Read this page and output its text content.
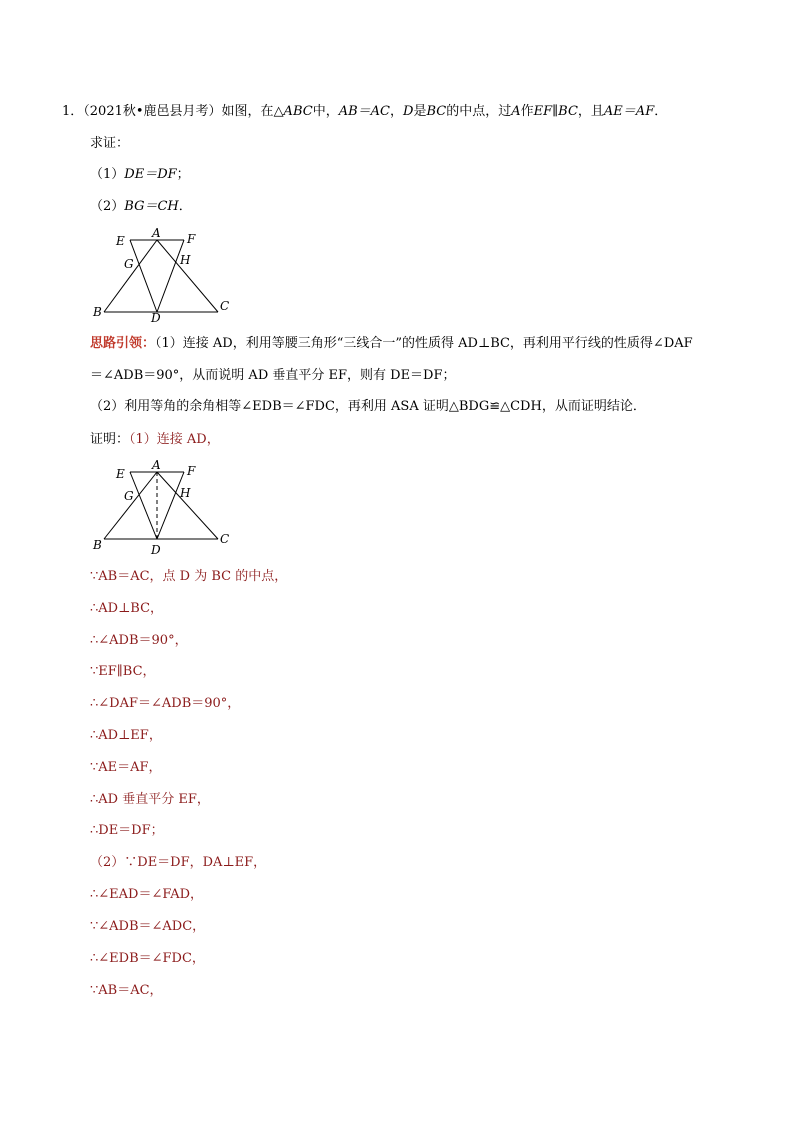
1．（2021秋•鹿邑县月考）如图，在△ABC中，AB＝AC，D是BC的中点，过A作EF∥BC，且AE＝AF．
求证：
（1）DE＝DF；
（2）BG＝CH．
E
A F
G	H
B	D
C
思路引领：（1）连接 AD，利用等腰三角形“三线合一”的性质得 AD⊥BC，再利用平行线的性质得∠DAF
＝∠ADB＝90°，从而说明 AD 垂直平分 EF，则有 DE＝DF；
（2）利用等角的余角相等∠EDB＝∠FDC，再利用 ASA 证明△BDG≌△CDH，从而证明结论．
证明：（1）连接 AD，
E
A F
G	H
B	D
C
∵AB＝AC，点 D 为 BC 的中点，
∴AD⊥BC，
∴∠ADB＝90°，
∵EF∥BC，
∴∠DAF＝∠ADB＝90°，
∴AD⊥EF，
∵AE＝AF，
∴AD 垂直平分 EF，
∴DE＝DF；
（2）∵DE＝DF，DA⊥EF，
∴∠EAD＝∠FAD，
∵∠ADB＝∠ADC，
∴∠EDB＝∠FDC，
∵AB＝AC，
